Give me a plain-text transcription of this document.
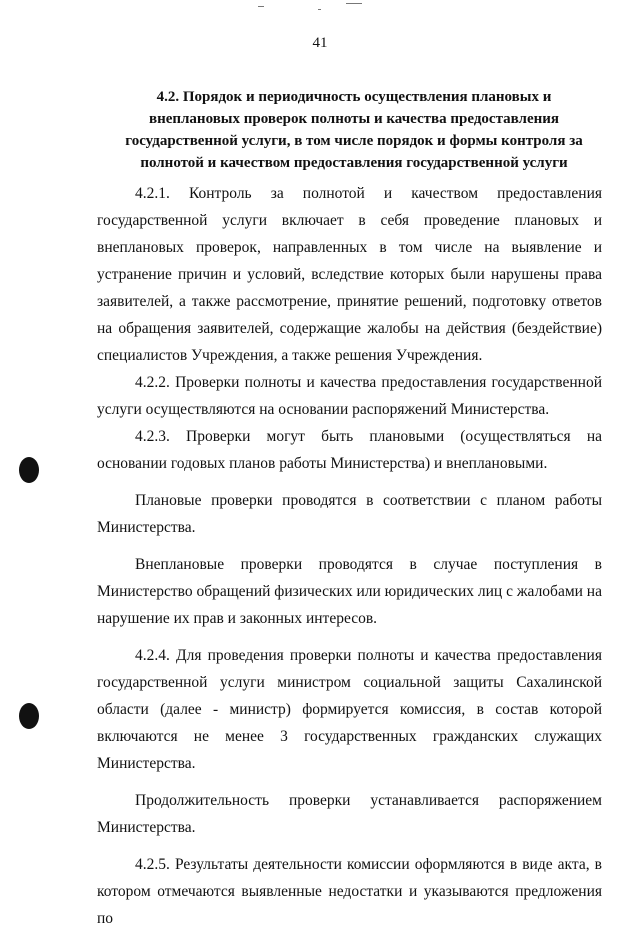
41
4.2. Порядок и периодичность осуществления плановых и внеплановых проверок полноты и качества предоставления государственной услуги, в том числе порядок и формы контроля за полнотой и качеством предоставления государственной услуги

4.2.1. Контроль за полнотой и качеством предоставления государственной услуги включает в себя проведение плановых и внеплановых проверок, направленных в том числе на выявление и устранение причин и условий, вследствие которых были нарушены права заявителей, а также рассмотрение, принятие решений, подготовку ответов на обращения заявителей, содержащие жалобы на действия (бездействие) специалистов Учреждения, а также решения Учреждения.

4.2.2. Проверки полноты и качества предоставления государственной услуги осуществляются на основании распоряжений Министерства.

4.2.3. Проверки могут быть плановыми (осуществляться на основании годовых планов работы Министерства) и внеплановыми.

Плановые проверки проводятся в соответствии с планом работы Министерства.

Внеплановые проверки проводятся в случае поступления в Министерство обращений физических или юридических лиц с жалобами на нарушение их прав и законных интересов.

4.2.4. Для проведения проверки полноты и качества предоставления государственной услуги министром социальной защиты Сахалинской области (далее - министр) формируется комиссия, в состав которой включаются не менее 3 государственных гражданских служащих Министерства.

Продолжительность проверки устанавливается распоряжением Министерства.

4.2.5. Результаты деятельности комиссии оформляются в виде акта, в котором отмечаются выявленные недостатки и указываются предложения по
